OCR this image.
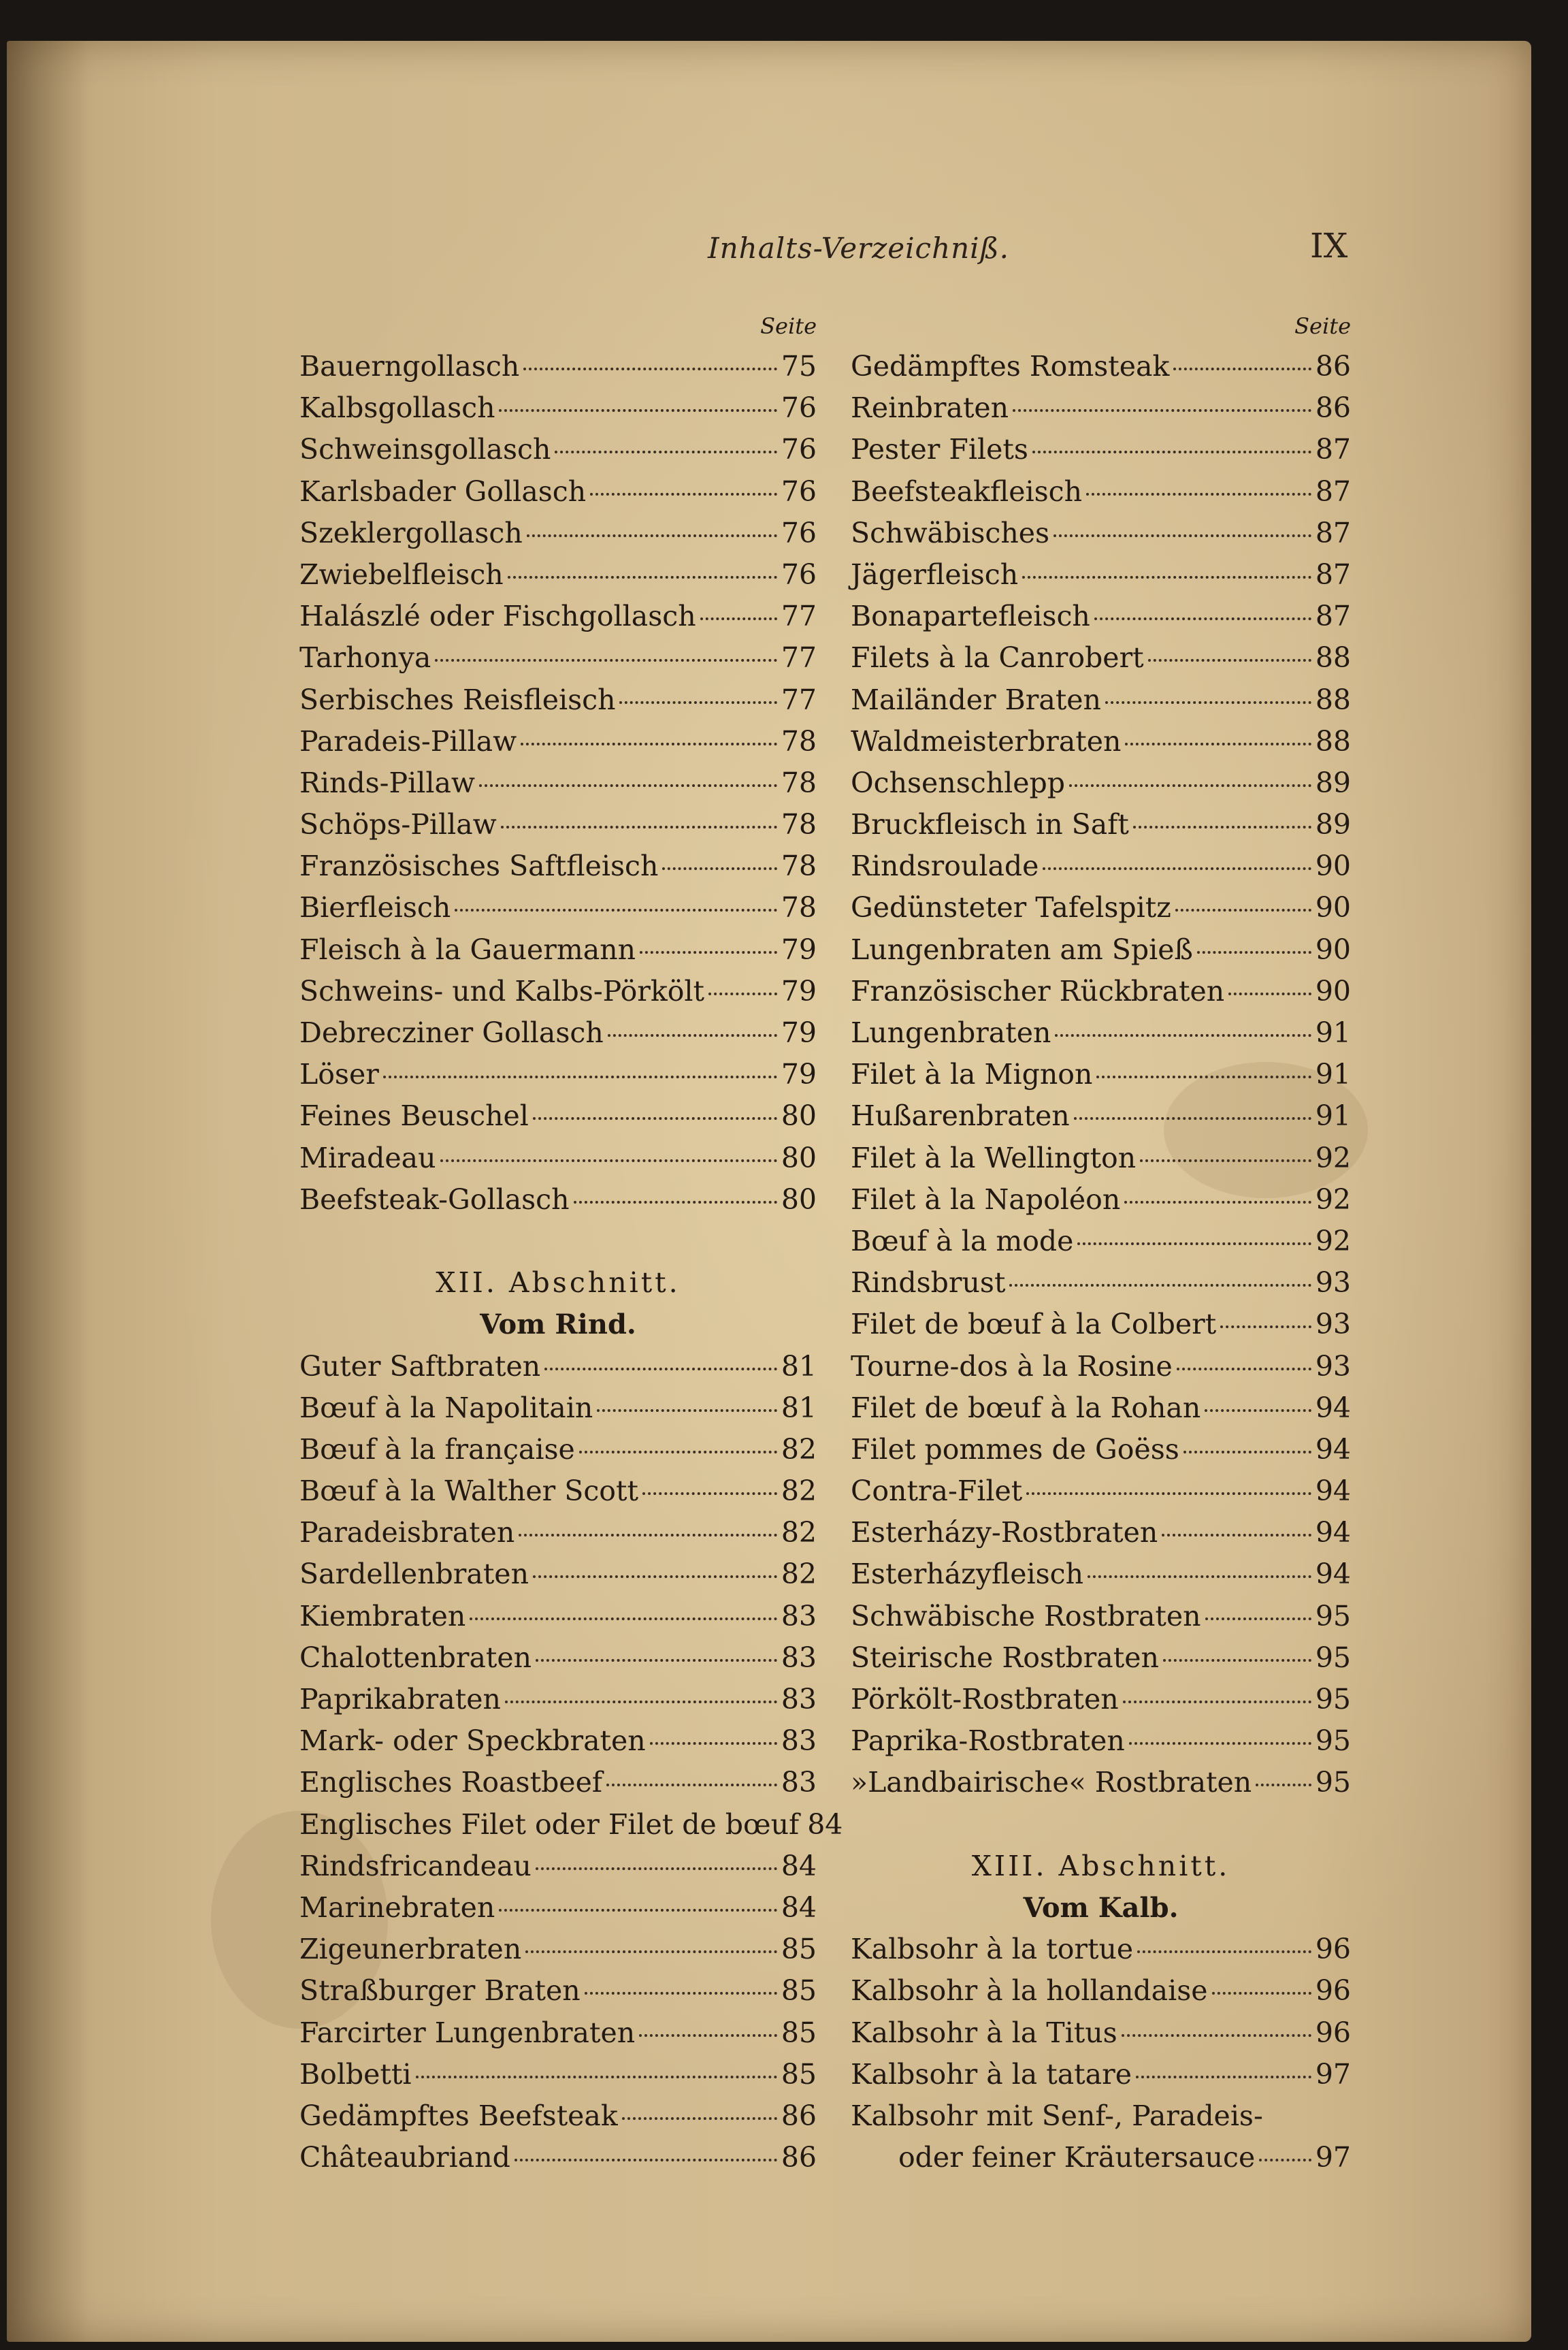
Inhalts-Verzeichniß.	IX
Seite
Bauerngollasch	75
Kalbsgollasch	76
Schweinsgollasch	76
Karlsbader Gollasch	76
Szeklergollasch	76
Zwiebelfleisch	76
Halászlé oder Fischgollasch	77
Tarhonya	77
Serbisches Reisfleisch	77
Paradeis-Pillaw	78
Rinds-Pillaw	78
Schöps-Pillaw	78
Französisches Saftfleisch	78
Bierfleisch	78
Fleisch à la Gauermann	79
Schweins- und Kalbs-Pörkölt	79
Debrecziner Gollasch	79
Löser	79
Feines Beuschel	80
Miradeau	80
Beefsteak-Gollasch	80
XII. Abschnitt.
Vom Rind.
Guter Saftbraten	81
Bœuf à la Napolitain	81
Bœuf à la française	82
Bœuf à la Walther Scott	82
Paradeisbraten	82
Sardellenbraten	82
Kiembraten	83
Chalottenbraten	83
Paprikabraten	83
Mark- oder Speckbraten	83
Englisches Roastbeef	83
Englisches Filet oder Filet de bœuf 84
Rindsfricandeau	84
Marinebraten	84
Zigeunerbraten	85
Straßburger Braten	85
Farcirter Lungenbraten	85
Bolbetti	85
Gedämpftes Beefsteak	86
Châteaubriand	86
Seite
Gedämpftes Romsteak	86
Reinbraten	86
Pester Filets	87
Beefsteakfleisch	87
Schwäbisches	87
Jägerfleisch	87
Bonapartefleisch	87
Filets à la Canrobert	88
Mailänder Braten	88
Waldmeisterbraten	88
Ochsenschlepp	89
Bruckfleisch in Saft	89
Rindsroulade	90
Gedünsteter Tafelspitz	90
Lungenbraten am Spieß	90
Französischer Rückbraten	90
Lungenbraten	91
Filet à la Mignon	91
Hußarenbraten	91
Filet à la Wellington	92
Filet à la Napoléon	92
Bœuf à la mode	92
Rindsbrust	93
Filet de bœuf à la Colbert	93
Tourne-dos à la Rosine	93
Filet de bœuf à la Rohan	94
Filet pommes de Goëss	94
Contra-Filet	94
Esterházy-Rostbraten	94
Esterházyfleisch	94
Schwäbische Rostbraten	95
Steirische Rostbraten	95
Pörkölt-Rostbraten	95
Paprika-Rostbraten	95
»Landbairische« Rostbraten 95
XIII. Abschnitt.
Vom Kalb.
Kalbsohr à la tortue	96
Kalbsohr à la hollandaise	96
Kalbsohr à la Titus	96
Kalbsohr à la tatare	97
Kalbsohr mit Senf-, Paradeis-
oder feiner Kräutersauce 97
